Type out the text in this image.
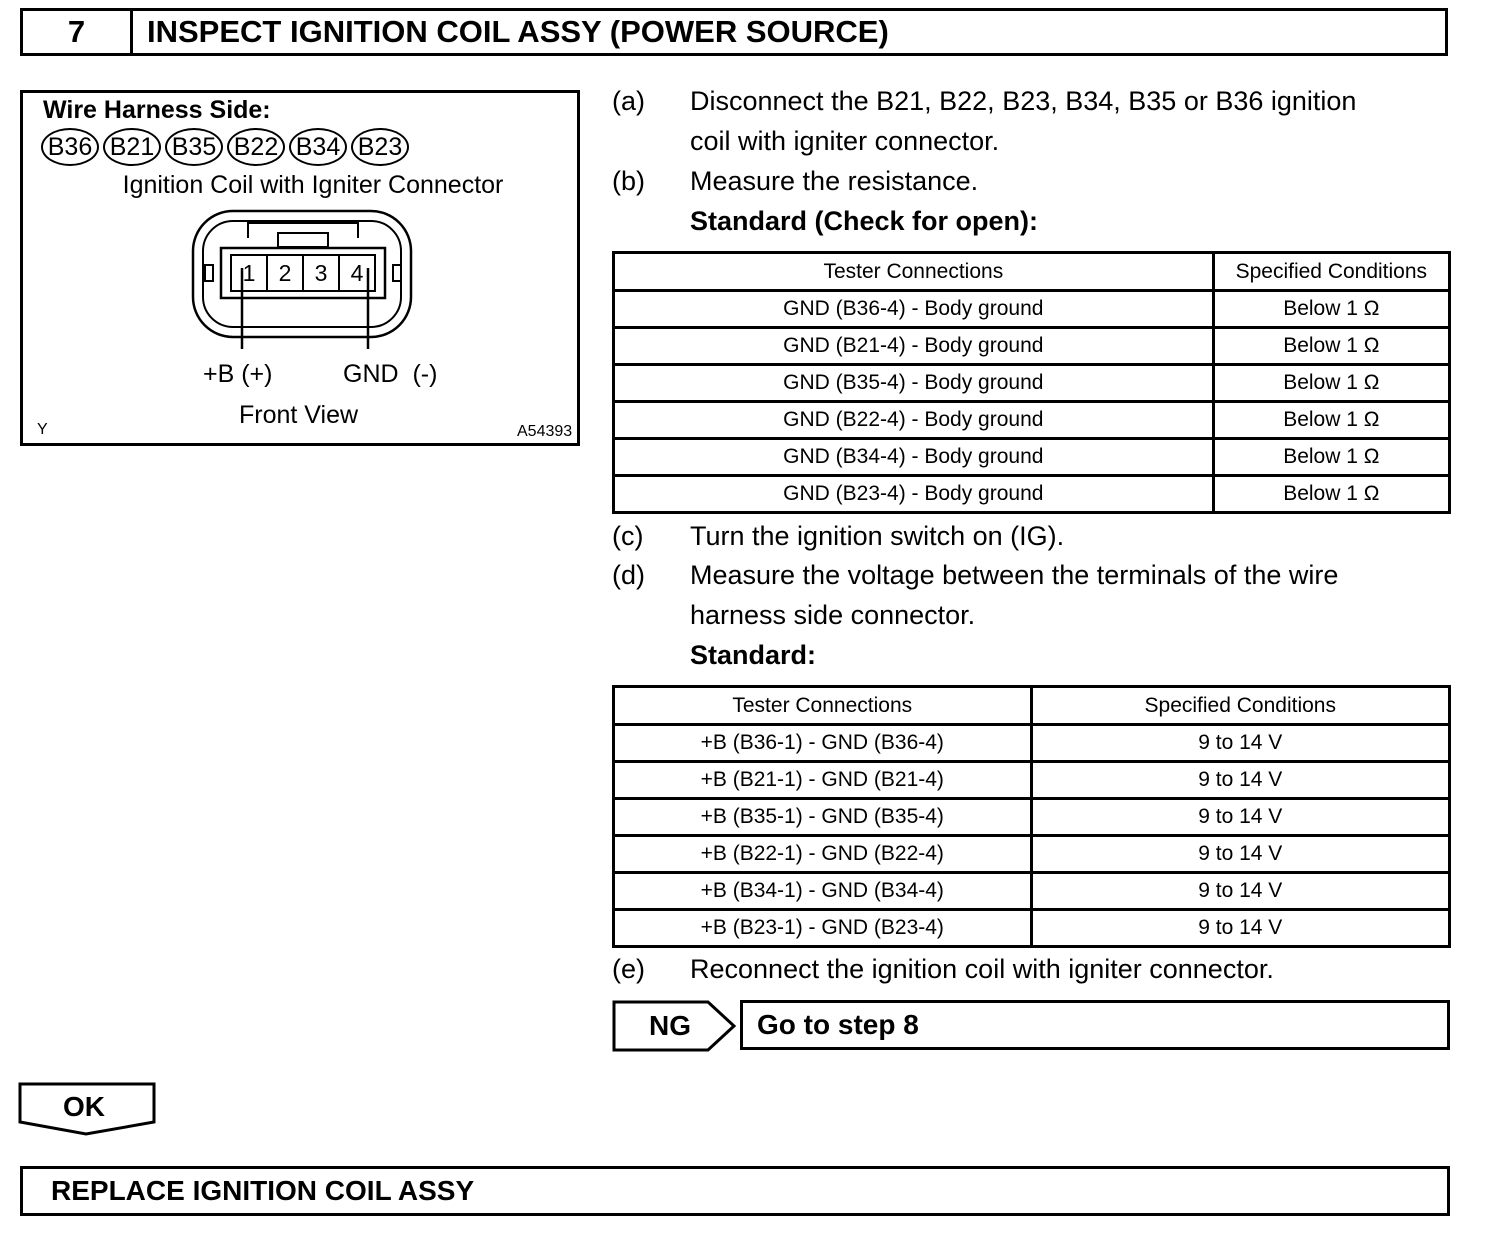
7	INSPECT IGNITION COIL ASSY (POWER SOURCE)
Wire Harness Side:
B36 B21 B35 B22 B34 B23
Ignition Coil with Igniter Connector
1 2 3 4
+B (+)	GND  (-)
Front View
Y	A54393
(a) Disconnect the B21, B22, B23, B34, B35 or B36 ignition
coil with igniter connector.
(b) Measure the resistance.
Standard (Check for open):
Tester Connections	Specified Conditions
GND (B36-4) - Body ground	Below 1 Ω
GND (B21-4) - Body ground	Below 1 Ω
GND (B35-4) - Body ground	Below 1 Ω
GND (B22-4) - Body ground	Below 1 Ω
GND (B34-4) - Body ground	Below 1 Ω
GND (B23-4) - Body ground	Below 1 Ω
(c) Turn the ignition switch on (IG).
(d) Measure the voltage between the terminals of the wire
harness side connector.
Standard:
Tester Connections	Specified Conditions
+B (B36-1) - GND (B36-4)	9 to 14 V
+B (B21-1) - GND (B21-4)	9 to 14 V
+B (B35-1) - GND (B35-4)	9 to 14 V
+B (B22-1) - GND (B22-4)	9 to 14 V
+B (B34-1) - GND (B34-4)	9 to 14 V
+B (B23-1) - GND (B23-4)	9 to 14 V
(e) Reconnect the ignition coil with igniter connector.
NG	Go to step 8
OK
REPLACE IGNITION COIL ASSY
